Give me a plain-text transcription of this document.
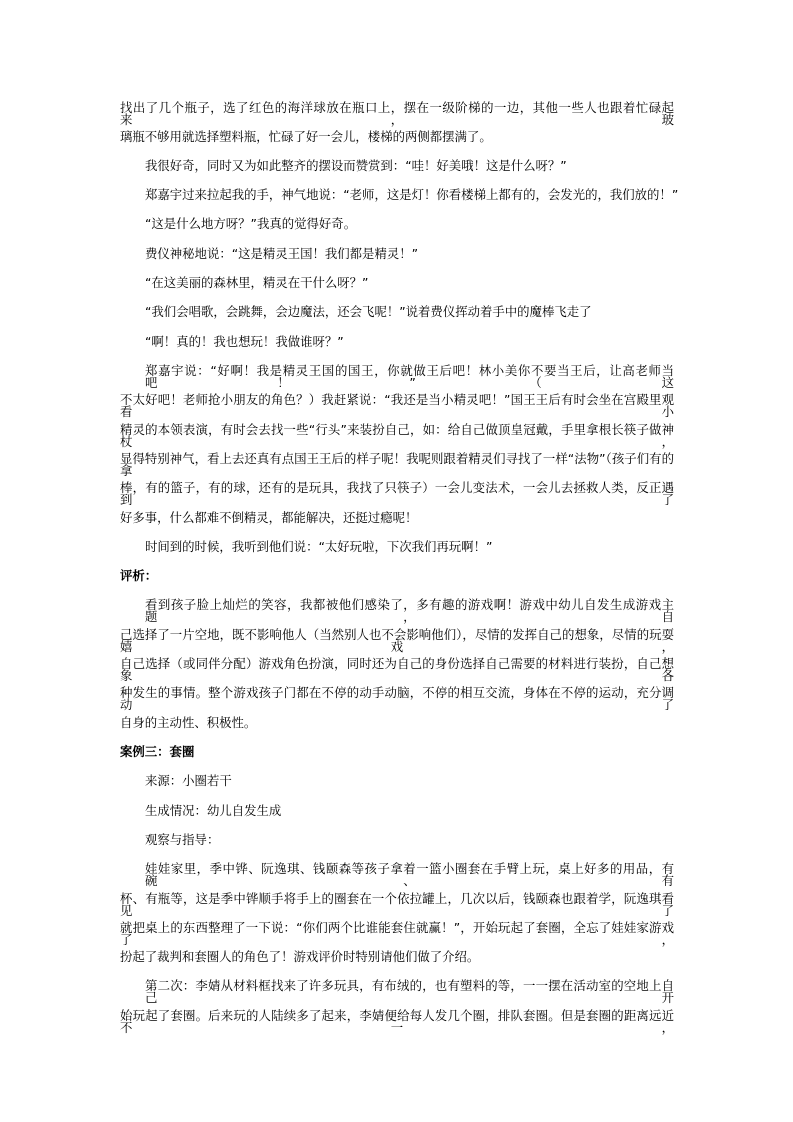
找出了几个瓶子，选了红色的海洋球放在瓶口上，摆在一级阶梯的一边，其他一些人也跟着忙碌起来，玻
璃瓶不够用就选择塑料瓶，忙碌了好一会儿，楼梯的两侧都摆满了。
我很好奇，同时又为如此整齐的摆设而赞赏到：“哇！好美哦！这是什么呀？”
郑嘉宇过来拉起我的手，神气地说：“老师，这是灯！你看楼梯上都有的，会发光的，我们放的！”
“这是什么地方呀？”我真的觉得好奇。
费仪神秘地说：“这是精灵王国！我们都是精灵！”
“在这美丽的森林里，精灵在干什么呀？”
“我们会唱歌，会跳舞，会边魔法，还会飞呢！”说着费仪挥动着手中的魔棒飞走了
“啊！真的！我也想玩！我做谁呀？”
郑嘉宇说：“好啊！我是精灵王国的国王，你就做王后吧！林小美你不要当王后，让高老师当吧！”（这
不太好吧！老师抢小朋友的角色？）我赶紧说：“我还是当小精灵吧！”国王王后有时会坐在宫殿里观看小
精灵的本领表演，有时会去找一些“行头”来装扮自己，如：给自己做顶皇冠戴，手里拿根长筷子做神杖，
显得特别神气，看上去还真有点国王王后的样子呢！我呢则跟着精灵们寻找了一样“法物”（孩子们有的拿
棒，有的篮子，有的球，还有的是玩具，我找了只筷子）一会儿变法术，一会儿去拯救人类，反正遇到了
好多事，什么都难不倒精灵，都能解决，还挺过瘾呢！
时间到的时候，我听到他们说：“太好玩啦，下次我们再玩啊！”
评析：
看到孩子脸上灿烂的笑容，我都被他们感染了，多有趣的游戏啊！游戏中幼儿自发生成游戏主题，自
己选择了一片空地，既不影响他人（当然别人也不会影响他们），尽情的发挥自己的想象，尽情的玩耍嬉戏，
自己选择（或同伴分配）游戏角色扮演，同时还为自己的身份选择自己需要的材料进行装扮，自己想象各
种发生的事情。整个游戏孩子门都在不停的动手动脑，不停的相互交流，身体在不停的运动，充分调动了
自身的主动性、积极性。
案例三：套圈
来源：小圈若干
生成情况：幼儿自发生成
观察与指导：
娃娃家里，季中铧、阮逸琪、钱颐森等孩子拿着一篮小圈套在手臂上玩，桌上好多的用品，有碗、有
杯、有瓶等，这是季中铧顺手将手上的圈套在一个依拉罐上，几次以后，钱颐森也跟着学，阮逸琪看见了
就把桌上的东西整理了一下说：“你们两个比谁能套住就赢！”，开始玩起了套圈，全忘了娃娃家游戏了，
扮起了裁判和套圈人的角色了！游戏评价时特别请他们做了介绍。
第二次：李婧从材料框找来了许多玩具，有布绒的，也有塑料的等，一一摆在活动室的空地上自己开
始玩起了套圈。后来玩的人陆续多了起来，李婧便给每人发几个圈，排队套圈。但是套圈的距离远近不一，
